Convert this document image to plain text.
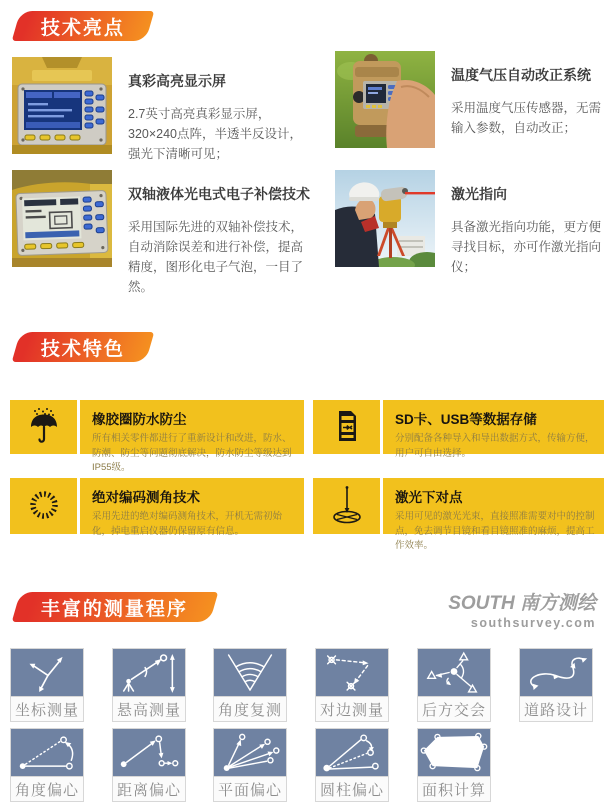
技术亮点
真彩高亮显示屏
2.7英寸高亮真彩显示屏，320×240点阵，半透半反设计，强光下清晰可见；
温度气压自动改正系统
采用温度气压传感器，无需输入参数，自动改正；
双轴液体光电式电子补偿技术
采用国际先进的双轴补偿技术，自动消除误差和进行补偿，提高精度，图形化电子气泡，一目了然。
激光指向
具备激光指向功能，更方便寻找目标，亦可作激光指向仪；
技术特色
橡胶圈防水防尘
所有相关零件都进行了重新设计和改进，防水、防潮、防尘等问题彻底解决，防水防尘等级达到IP55级。
SD卡、USB等数据存储
分别配备各种导入和导出数据方式，传输方便，用户可自由选择。
绝对编码测角技术
采用先进的绝对编码测角技术，开机无需初始化，掉电重启仪器仍保留原有信息。
激光下对点
采用可见的激光光束，直接照准需要对中的控制点，免去调节目镜和看目镜照准的麻烦，提高工作效率。
丰富的测量程序	SOUTH 南方测绘
southsurvey.com
坐标测量	悬高测量 角度复测	对边测量	后方交会	道路设计
角度偏心	距离偏心 平面偏心	圆柱偏心	面积计算
